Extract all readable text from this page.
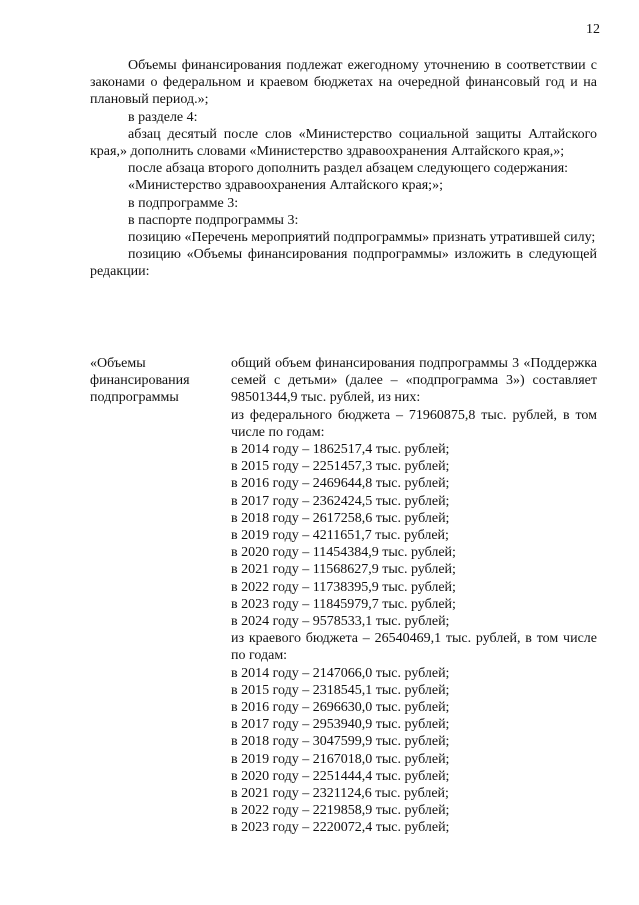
12

Объемы финансирования подлежат ежегодному уточнению в соответствии с законами о федеральном и краевом бюджетах на очередной финансовый год и на плановый период.»;

в разделе 4:

абзац десятый после слов «Министерство социальной защиты Алтайского края,» дополнить словами «Министерство здравоохранения Алтайского края,»;

после абзаца второго дополнить раздел абзацем следующего содержания:

«Министерство здравоохранения Алтайского края;»;

в подпрограмме 3:

в паспорте подпрограммы 3:

позицию «Перечень мероприятий подпрограммы» признать утратившей силу;

позицию «Объемы финансирования подпрограммы» изложить в следующей редакции:

«Объемы финансирования подпрограммы
общий объем финансирования подпрограммы 3 «Поддержка семей с детьми» (далее – «подпрограмма 3») составляет 98501344,9 тыс. рублей, из них:
из федерального бюджета – 71960875,8 тыс. рублей, в том числе по годам:
в 2014 году – 1862517,4 тыс. рублей;
в 2015 году – 2251457,3 тыс. рублей;
в 2016 году – 2469644,8 тыс. рублей;
в 2017 году – 2362424,5 тыс. рублей;
в 2018 году – 2617258,6 тыс. рублей;
в 2019 году – 4211651,7 тыс. рублей;
в 2020 году – 11454384,9 тыс. рублей;
в 2021 году – 11568627,9 тыс. рублей;
в 2022 году – 11738395,9 тыс. рублей;
в 2023 году – 11845979,7 тыс. рублей;
в 2024 году – 9578533,1 тыс. рублей;
из краевого бюджета – 26540469,1 тыс. рублей, в том числе по годам:
в 2014 году – 2147066,0 тыс. рублей;
в 2015 году – 2318545,1 тыс. рублей;
в 2016 году – 2696630,0 тыс. рублей;
в 2017 году – 2953940,9 тыс. рублей;
в 2018 году – 3047599,9 тыс. рублей;
в 2019 году – 2167018,0 тыс. рублей;
в 2020 году – 2251444,4 тыс. рублей;
в 2021 году – 2321124,6 тыс. рублей;
в 2022 году – 2219858,9 тыс. рублей;
в 2023 году – 2220072,4 тыс. рублей;
